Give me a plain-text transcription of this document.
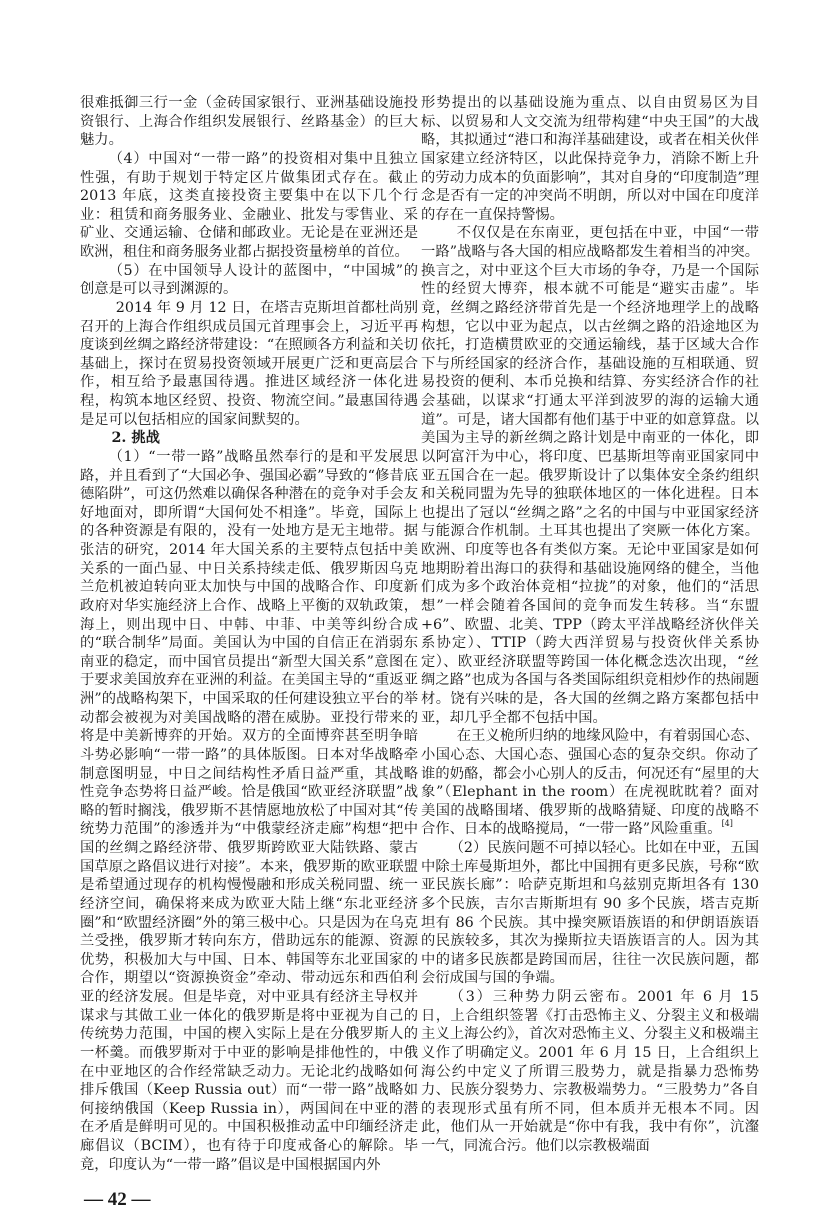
很难抵御三行一金（金砖国家银行、亚洲基础设施投资银行、上海合作组织发展银行、丝路基金）的巨大魅力。

（4）中国对“一带一路”的投资相对集中且独立性强，有助于规划于特定区片做集团式存在。截止 2013 年底，这类直接投资主要集中在以下几个行业：租赁和商务服务业、金融业、批发与零售业、采矿业、交通运输、仓储和邮政业。无论是在亚洲还是欧洲，租住和商务服务业都占据投资量榜单的首位。

（5）在中国领导人设计的蓝图中，“中国城”的创意是可以寻到渊源的。

2014 年 9 月 12 日，在塔吉克斯坦首都杜尚别召开的上海合作组织成员国元首理事会上，习近平再度谈到丝绸之路经济带建设：“在照顾各方利益和关切基础上，探讨在贸易投资领域开展更广泛和更高层合作，相互给予最惠国待遇。推进区域经济一体化进程，构筑本地区经贸、投资、物流空间。”最惠国待遇是足可以包括相应的国家间默契的。

2. 挑战

（1）“一带一路”战略虽然奉行的是和平发展思路，并且看到了“大国必争、强国必霸”导致的“修昔底德陷阱”，可这仍然难以确保各种潜在的竞争对手会友好地面对，即所谓“大国何处不相逢”。毕竟，国际上的各种资源是有限的，没有一处地方是无主地带。据张洁的研究，2014 年大国关系的主要特点包括中美关系的一面凸显、中日关系持续走低、俄罗斯因乌克兰危机被迫转向亚太加快与中国的战略合作、印度新政府对华实施经济上合作、战略上平衡的双轨政策，海上，则出现中日、中韩、中菲、中美等纠纷合成的“联合制华”局面。美国认为中国的自信正在消弱东南亚的稳定，而中国官员提出“新型大国关系”意图在于要求美国放弃在亚洲的利益。在美国主导的“重返亚洲”的战略构架下，中国采取的任何建设独立平台的举动都会被视为对美国战略的潜在威胁。亚投行带来的将是中美新博弈的开始。双方的全面博弈甚至明争暗斗势必影响“一带一路”的具体版图。日本对华战略牵制意图明显，中日之间结构性矛盾日益严重，其战略性竞争态势将日益严峻。恰是俄国“欧亚经济联盟”战略的暂时搁浅，俄罗斯不甚情愿地放松了中国对其“传统势力范围”的渗透并为“中俄蒙经济走廊”构想“把中国的丝绸之路经济带、俄罗斯跨欧亚大陆铁路、蒙古国草原之路倡议进行对接”。本来，俄罗斯的欧亚联盟是希望通过现存的机构慢慢融和形成关税同盟、统一经济空间，确保将来成为欧亚大陆上继“东北亚经济圈”和“欧盟经济圈”外的第三极中心。只是因为在乌克兰受挫，俄罗斯才转向东方，借助远东的能源、资源优势，积极加大与中国、日本、韩国等东北亚国家的合作，期望以“资源换资金”牵动、带动远东和西伯利亚的经济发展。但是毕竟，对中亚具有经济主导权并谋求与其做工业一体化的俄罗斯是将中亚视为自己的传统势力范围，中国的楔入实际上是在分俄罗斯人的一杯羹。而俄罗斯对于中亚的影响是排他性的，中俄在中亚地区的合作经常缺乏动力。无论北约战略如何排斥俄国（Keep Russia out）而“一带一路”战略如何接纳俄国（Keep Russia in），两国间在中亚的潜在矛盾是鲜明可见的。中国积极推动孟中印缅经济走廊倡议（BCIM），也有待于印度戒备心的解除。毕竟，印度认为“一带一路”倡议是中国根据国内外

形势提出的以基础设施为重点、以自由贸易区为目标、以贸易和人文交流为纽带构建“中央王国”的大战略，其拟通过“港口和海洋基础建设，或者在相关伙伴国家建立经济特区，以此保持竞争力，消除不断上升的劳动力成本的负面影响”，其对自身的“印度制造”理念是否有一定的冲突尚不明朗，所以对中国在印度洋的存在一直保持警惕。

不仅仅是在东南亚，更包括在中亚，中国“一带一路”战略与各大国的相应战略都发生着相当的冲突。换言之，对中亚这个巨大市场的争夺，乃是一个国际性的经贸大博弈，根本就不可能是“避实击虚”。毕竟，丝绸之路经济带首先是一个经济地理学上的战略构想，它以中亚为起点，以古丝绸之路的沿途地区为依托，打造横贯欧亚的交通运输线，基于区域大合作下与所经国家的经济合作，基础设施的互相联通、贸易投资的便利、本币兑换和结算、夯实经济合作的社会基础，以谋求“打通太平洋到波罗的海的运输大通道”。可是，诸大国都有他们基于中亚的如意算盘。以美国为主导的新丝绸之路计划是中南亚的一体化，即以阿富汗为中心，将印度、巴基斯坦等南亚国家同中亚五国合在一起。俄罗斯设计了以集体安全条约组织和关税同盟为先导的独联体地区的一体化进程。日本也提出了冠以“丝绸之路”之名的中国与中亚国家经济与能源合作机制。土耳其也提出了突厥一体化方案。欧洲、印度等也各有类似方案。无论中亚国家是如何地期盼着出海口的获得和基础设施网络的健全，当他们成为多个政治体竞相“拉拢”的对象，他们的“活思想”一样会随着各国间的竞争而发生转移。当“东盟 +6”、欧盟、北美、TPP（跨太平洋战略经济伙伴关系协定）、TTIP（跨大西洋贸易与投资伙伴关系协定）、欧亚经济联盟等跨国一体化概念迭次出现，“丝绸之路”也成为各国与各类国际组织竞相炒作的热闹题材。饶有兴味的是，各大国的丝绸之路方案都包括中亚，却几乎全都不包括中国。

在王义桅所归纳的地缘风险中，有着弱国心态、小国心态、大国心态、强国心态的复杂交织。你动了谁的奶酪，都会小心别人的反击，何况还有“屋里的大象”（Elephant in the room）在虎视眈眈着？面对美国的战略围堵、俄罗斯的战略猜疑、印度的战略不合作、日本的战略搅局，“一带一路”风险重重。[4]

（2）民族问题不可掉以轻心。比如在中亚，五国中除土库曼斯坦外，都比中国拥有更多民族，号称“欧亚民族长廊”：哈萨克斯坦和乌兹别克斯坦各有 130 多个民族，吉尔吉斯斯坦有 90 多个民族，塔吉克斯坦有 86 个民族。其中操突厥语族语的和伊朗语族语的民族较多，其次为操斯拉夫语族语言的人。因为其中的诸多民族都是跨国而居，往往一次民族问题，都会衍成国与国的争端。

（3）三种势力阴云密布。2001 年 6 月 15 日，上合组织签署《打击恐怖主义、分裂主义和极端主义上海公约》，首次对恐怖主义、分裂主义和极端主义作了明确定义。2001 年 6 月 15 日，上合组织上海公约中定义了所谓三股势力，就是指暴力恐怖势力、民族分裂势力、宗教极端势力。“三股势力”各自的表现形式虽有所不同，但本质并无根本不同。因此，他们从一开始就是“你中有我，我中有你”，沆瀣一气，同流合污。他们以宗教极端面

— 42 —
